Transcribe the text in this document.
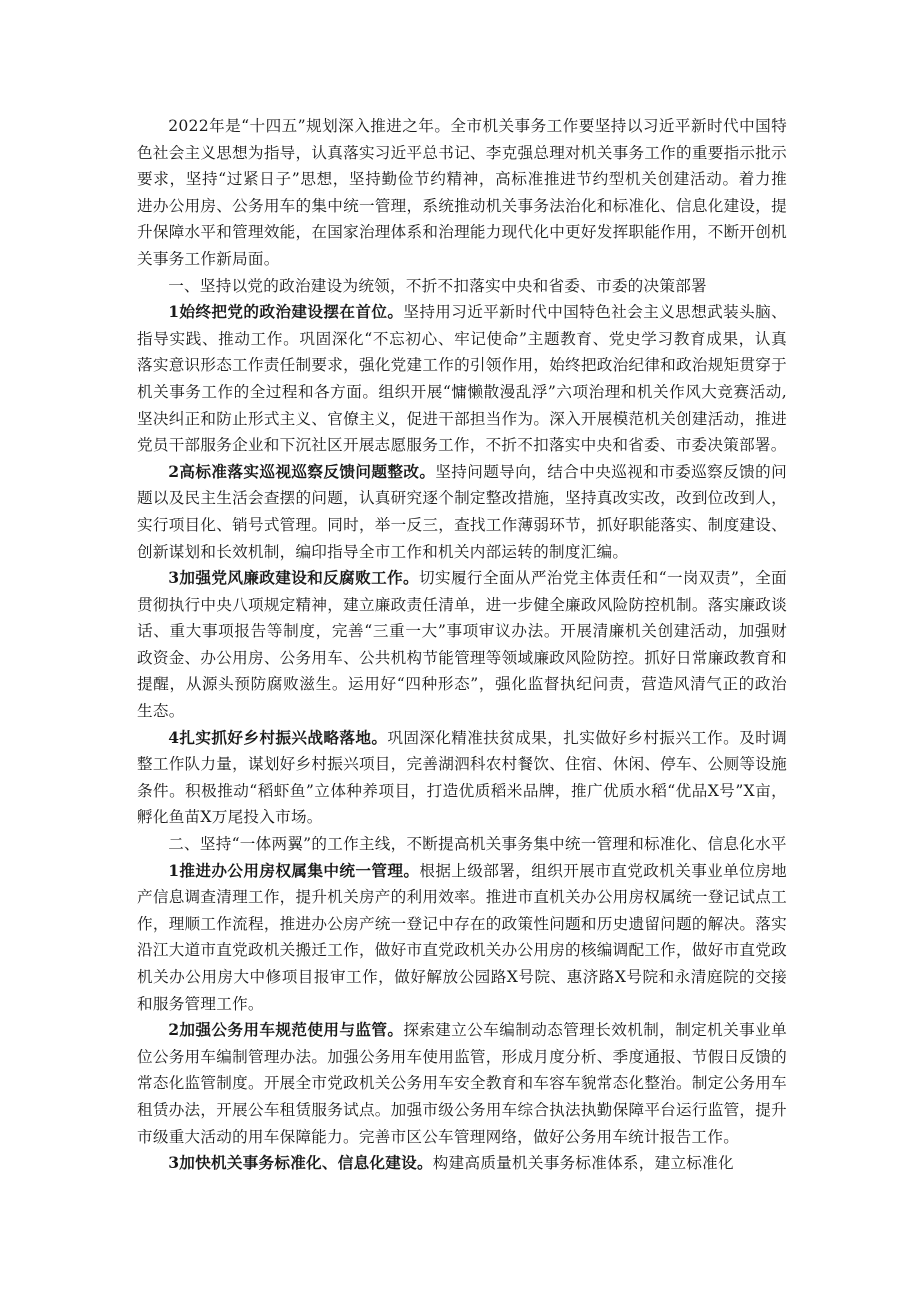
2022年是“十四五”规划深入推进之年。全市机关事务工作要坚持以习近平新时代中国特色社会主义思想为指导，认真落实习近平总书记、李克强总理对机关事务工作的重要指示批示要求，坚持“过紧日子”思想，坚持勤俭节约精神，高标准推进节约型机关创建活动。着力推进办公用房、公务用车的集中统一管理，系统推动机关事务法治化和标准化、信息化建设，提升保障水平和管理效能，在国家治理体系和治理能力现代化中更好发挥职能作用，不断开创机关事务工作新局面。

一、坚持以党的政治建设为统领，不折不扣落实中央和省委、市委的决策部署

1始终把党的政治建设摆在首位。坚持用习近平新时代中国特色社会主义思想武装头脑、指导实践、推动工作。巩固深化“不忘初心、牢记使命”主题教育、党史学习教育成果，认真落实意识形态工作责任制要求，强化党建工作的引领作用，始终把政治纪律和政治规矩贯穿于机关事务工作的全过程和各方面。组织开展“慵懒散漫乱浮”六项治理和机关作风大竞赛活动,坚决纠正和防止形式主义、官僚主义，促进干部担当作为。深入开展模范机关创建活动，推进党员干部服务企业和下沉社区开展志愿服务工作，不折不扣落实中央和省委、市委决策部署。

2高标准落实巡视巡察反馈问题整改。坚持问题导向，结合中央巡视和市委巡察反馈的问题以及民主生活会查摆的问题，认真研究逐个制定整改措施，坚持真改实改，改到位改到人，实行项目化、销号式管理。同时，举一反三，查找工作薄弱环节，抓好职能落实、制度建设、创新谋划和长效机制，编印指导全市工作和机关内部运转的制度汇编。

3加强党风廉政建设和反腐败工作。切实履行全面从严治党主体责任和“一岗双责”，全面贯彻执行中央八项规定精神，建立廉政责任清单，进一步健全廉政风险防控机制。落实廉政谈话、重大事项报告等制度，完善“三重一大”事项审议办法。开展清廉机关创建活动，加强财政资金、办公用房、公务用车、公共机构节能管理等领域廉政风险防控。抓好日常廉政教育和提醒，从源头预防腐败滋生。运用好“四种形态”，强化监督执纪问责，营造风清气正的政治生态。

4扎实抓好乡村振兴战略落地。巩固深化精准扶贫成果，扎实做好乡村振兴工作。及时调整工作队力量，谋划好乡村振兴项目，完善湖泗科农村餐饮、住宿、休闲、停车、公厕等设施条件。积极推动“稻虾鱼”立体种养项目，打造优质稻米品牌，推广优质水稻“优品X号”X亩，孵化鱼苗X万尾投入市场。

二、坚持“一体两翼”的工作主线，不断提高机关事务集中统一管理和标准化、信息化水平

1推进办公用房权属集中统一管理。根据上级部署，组织开展市直党政机关事业单位房地产信息调查清理工作，提升机关房产的利用效率。推进市直机关办公用房权属统一登记试点工作，理顺工作流程，推进办公房产统一登记中存在的政策性问题和历史遗留问题的解决。落实沿江大道市直党政机关搬迁工作，做好市直党政机关办公用房的核编调配工作，做好市直党政机关办公用房大中修项目报审工作，做好解放公园路X号院、惠济路X号院和永清庭院的交接和服务管理工作。

2加强公务用车规范使用与监管。探索建立公车编制动态管理长效机制，制定机关事业单位公务用车编制管理办法。加强公务用车使用监管，形成月度分析、季度通报、节假日反馈的常态化监管制度。开展全市党政机关公务用车安全教育和车容车貌常态化整治。制定公务用车租赁办法，开展公车租赁服务试点。加强市级公务用车综合执法执勤保障平台运行监管，提升市级重大活动的用车保障能力。完善市区公车管理网络，做好公务用车统计报告工作。

3加快机关事务标准化、信息化建设。构建高质量机关事务标准体系，建立标准化
